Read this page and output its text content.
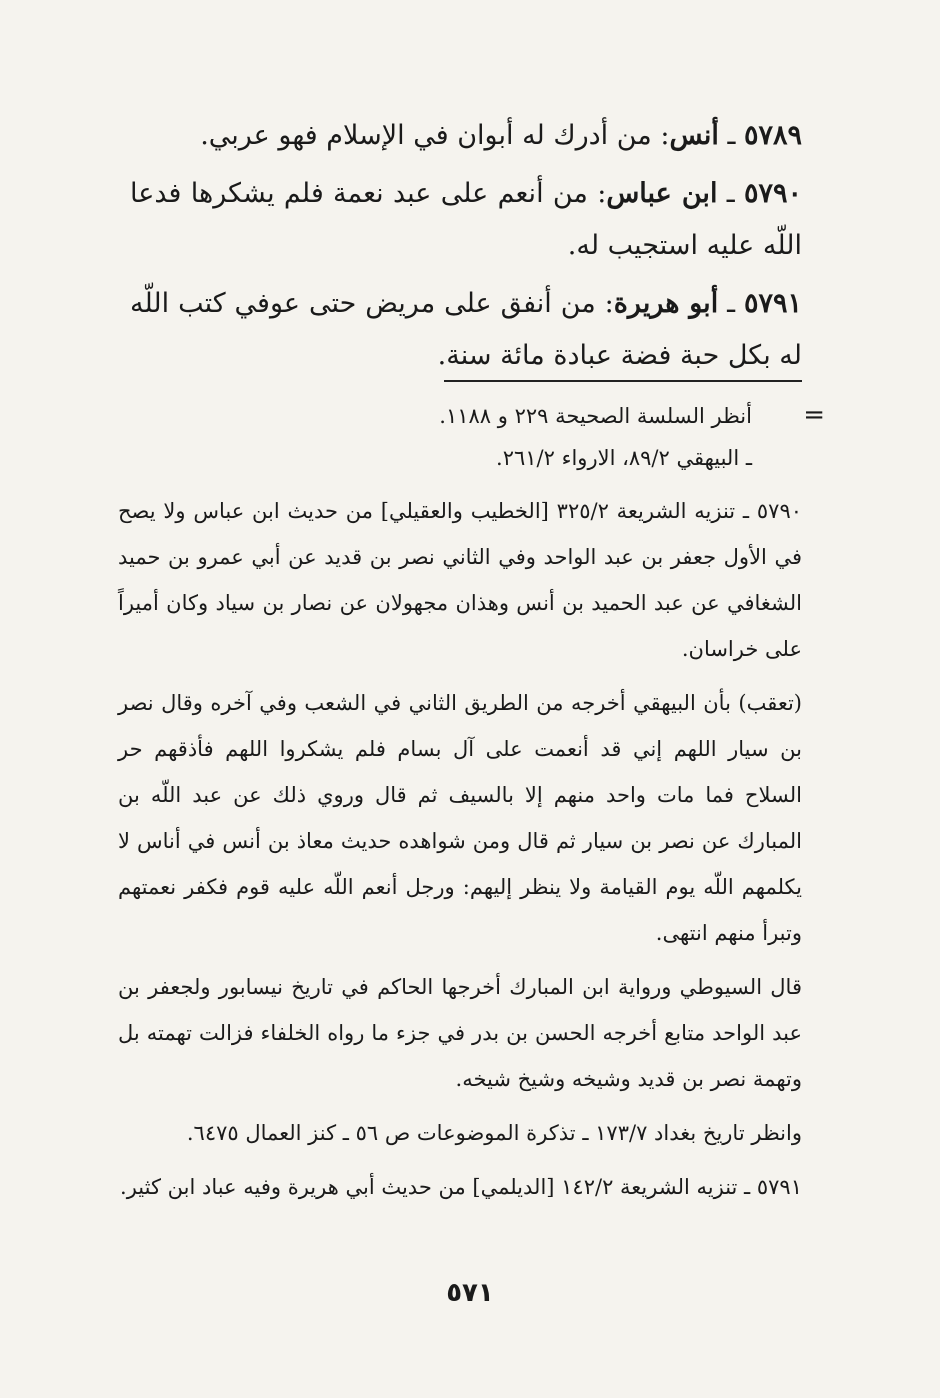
٥٧٨٩ ـ أنس: من أدرك له أبوان في الإسلام فهو عربي.

٥٧٩٠ ـ ابن عباس: من أنعم على عبد نعمة فلم يشكرها فدعا اللّه عليه استجيب له.

٥٧٩١ ـ أبو هريرة: من أنفق على مريض حتى عوفي كتب اللّه له بكل حبة فضة عبادة مائة سنة.

=
أنظر السلسة الصحيحة ٢٢٩ و ١١٨٨.
ـ البيهقي ٨٩/٢، الارواء ٢٦١/٢.

٥٧٩٠ ـ تنزيه الشريعة ٣٢٥/٢ [الخطيب والعقيلي] من حديث ابن عباس ولا يصح في الأول جعفر بن عبد الواحد وفي الثاني نصر بن قديد عن أبي عمرو بن حميد الشغافي عن عبد الحميد بن أنس وهذان مجهولان عن نصار بن سياد وكان أميراً على خراسان.

(تعقب) بأن البيهقي أخرجه من الطريق الثاني في الشعب وفي آخره وقال نصر بن سيار اللهم إني قد أنعمت على آل بسام فلم يشكروا اللهم فأذقهم حر السلاح فما مات واحد منهم إلا بالسيف ثم قال وروي ذلك عن عبد اللّه بن المبارك عن نصر بن سيار ثم قال ومن شواهده حديث معاذ بن أنس في أناس لا يكلمهم اللّه يوم القيامة ولا ينظر إليهم: ورجل أنعم اللّه عليه قوم فكفر نعمتهم وتبرأ منهم انتهى.

قال السيوطي ورواية ابن المبارك أخرجها الحاكم في تاريخ نيسابور ولجعفر بن عبد الواحد متابع أخرجه الحسن بن بدر في جزء ما رواه الخلفاء فزالت تهمته بل وتهمة نصر بن قديد وشيخه وشيخ شيخه.

وانظر تاريخ بغداد ١٧٣/٧ ـ تذكرة الموضوعات ص ٥٦ ـ كنز العمال ٦٤٧٥.

٥٧٩١ ـ تنزيه الشريعة ١٤٢/٢ [الديلمي] من حديث أبي هريرة وفيه عباد ابن كثير.

٥٧١
